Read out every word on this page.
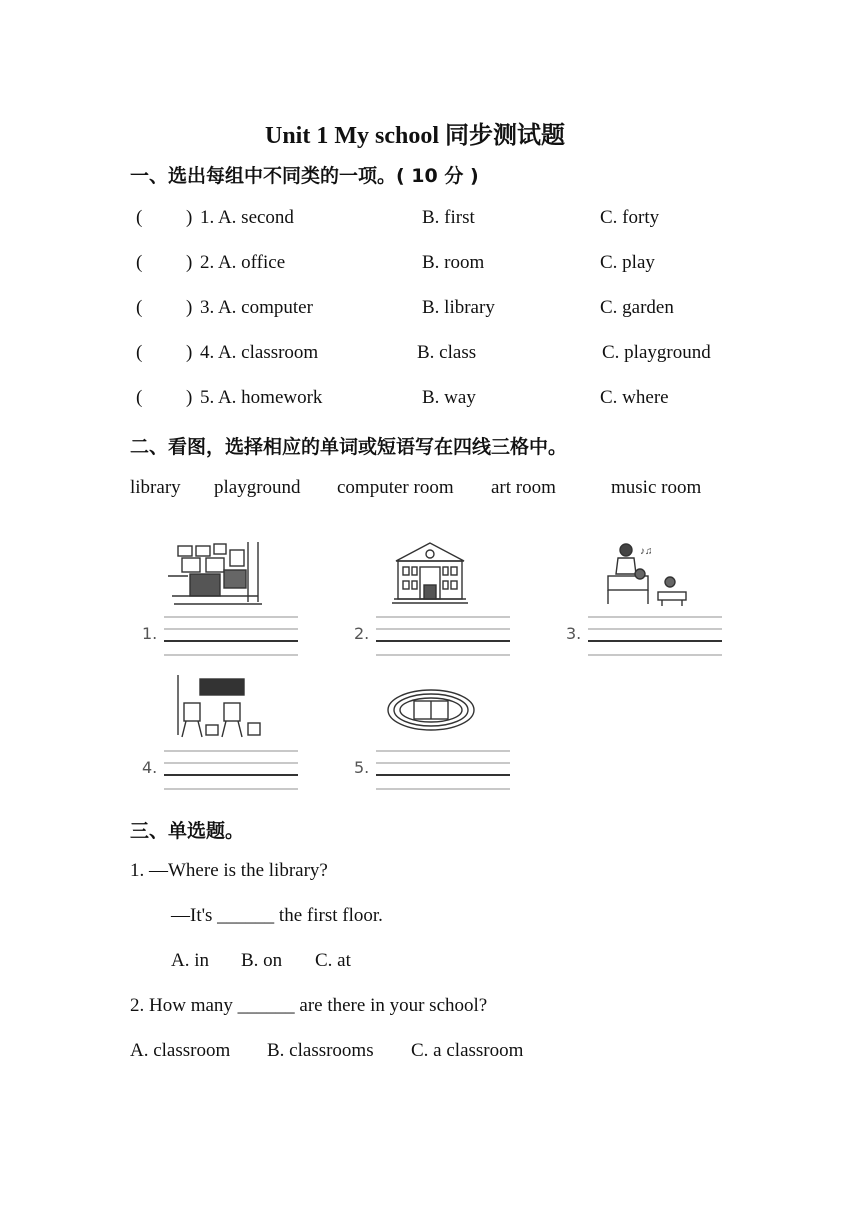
Unit 1 My school 同步测试题
一、选出每组中不同类的一项。( 10 分 )
( ) 1. A. second	B. first	C. forty
( ) 2. A. office	B. room	C. play
( ) 3. A. computer	B. library	C. garden
( ) 4. A. classroom	B. class	C. playground
( ) 5. A. homework	B. way	C. where
二、看图，选择相应的单词或短语写在四线三格中。
library playground computer room art room	music room
♪♫
1.	2.	3.
4.	5.
三、单选题。
1. —Where is the library?
—It's ______ the first floor.
A. in B. on C. at
2. How many ______ are there in your school?
A. classroom B. classrooms C. a classroom
